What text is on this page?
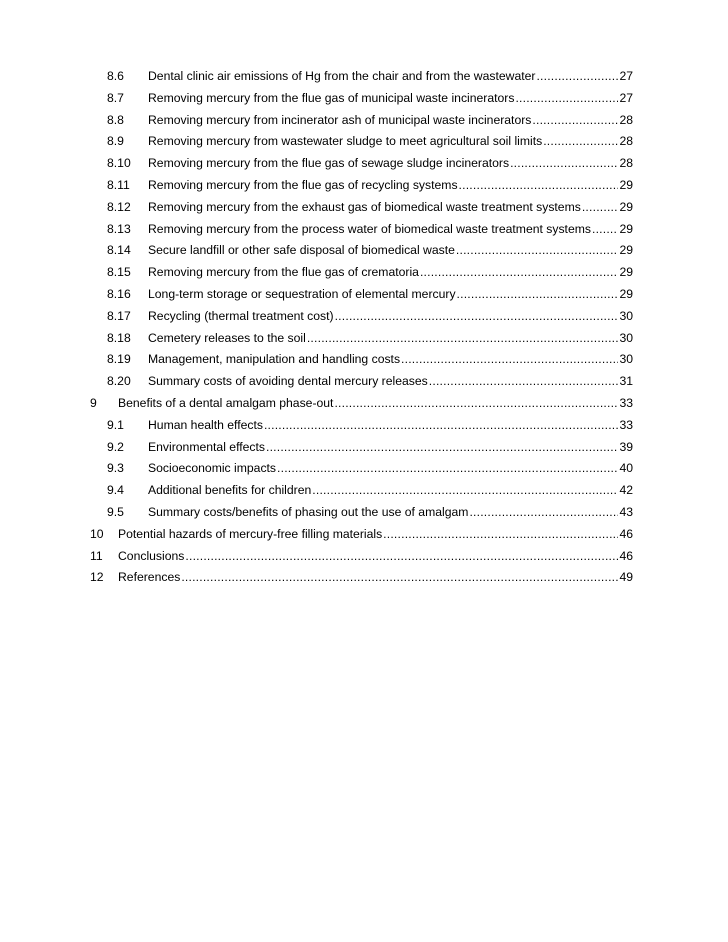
8.6 Dental clinic air emissions of Hg from the chair and from the wastewater .....	27
8.7 Removing mercury from the flue gas of municipal waste incinerators .....	27
8.8 Removing mercury from incinerator ash of municipal waste incinerators .....	28
8.9 Removing mercury from wastewater sludge to meet agricultural soil limits .....	28
8.10 Removing mercury from the flue gas of sewage sludge incinerators .....	28
8.11 Removing mercury from the flue gas of recycling systems .....	29
8.12 Removing mercury from the exhaust gas of biomedical waste treatment systems .....	29
8.13 Removing mercury from the process water of biomedical waste treatment systems ..... 29
8.14 Secure landfill or other safe disposal of biomedical waste .....	29
8.15 Removing mercury from the flue gas of crematoria .....	29
8.16 Long-term storage or sequestration of elemental mercury .....	29
8.17 Recycling (thermal treatment cost) .....	30
8.18 Cemetery releases to the soil .....	30
8.19 Management, manipulation and handling costs .....	30
8.20 Summary costs of avoiding dental mercury releases .....	31
9 Benefits of a dental amalgam phase-out .....	33
9.1 Human health effects .....	33
9.2 Environmental effects .....	39
9.3 Socioeconomic impacts .....	40
9.4 Additional benefits for children .....	42
9.5 Summary costs/benefits of phasing out the use of amalgam .....	43
10 Potential hazards of mercury-free filling materials .....	46
11 Conclusions .....	46
12 References .....	49
